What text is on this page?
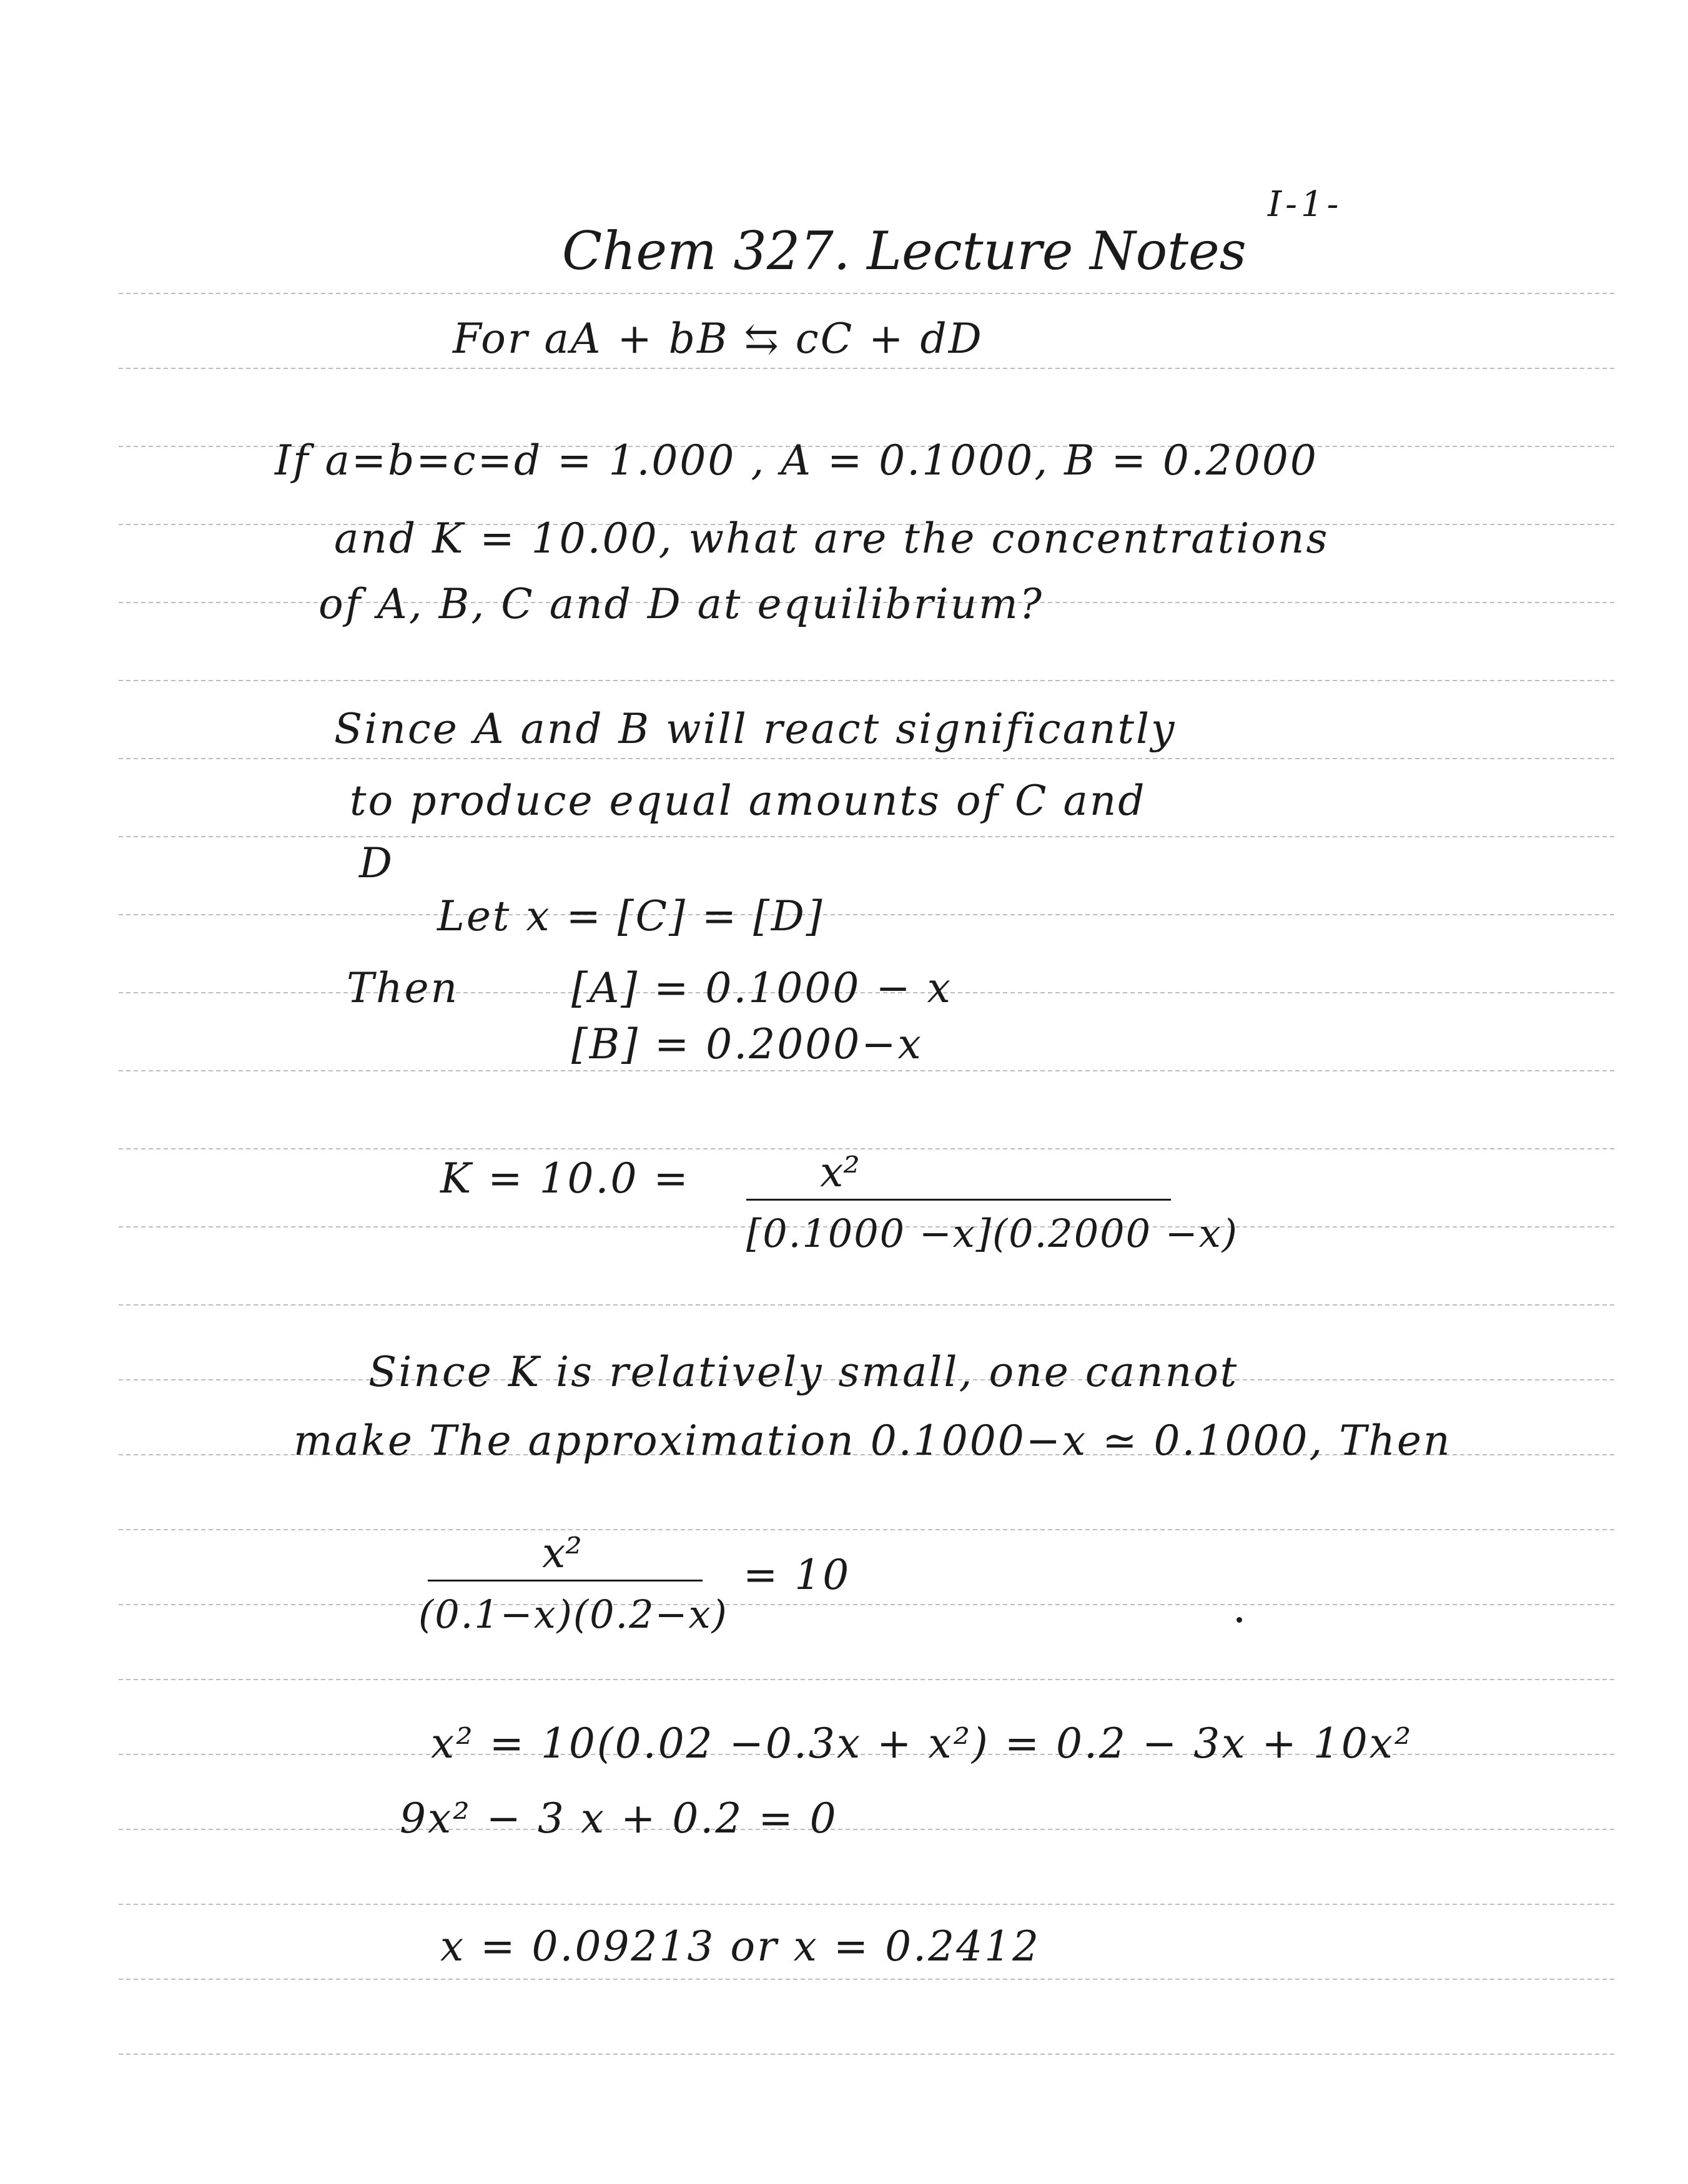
I-1-
Chem 327. Lecture Notes
For aA + bB ⇆ cC + dD
If a=b=c=d = 1.000 , A = 0.1000, B = 0.2000
and K = 10.00, what are the concentrations
of A, B, C and D at equilibrium?
Since A and B will react significantly
to produce equal amounts of C and
D
Let x = [C] = [D]
Then	[A] = 0.1000 − x
[B] = 0.2000−x
K = 10.0 =	x²
[0.1000 −x](0.2000 −x)
Since K is relatively small, one cannot
make The approximation 0.1000−x ≃ 0.1000, Then
x²
(0.1−x)(0.2−x)
= 10
x² = 10(0.02 −0.3x + x²) = 0.2 − 3x + 10x²
9x² − 3 x + 0.2 = 0
x = 0.09213 or x = 0.2412
